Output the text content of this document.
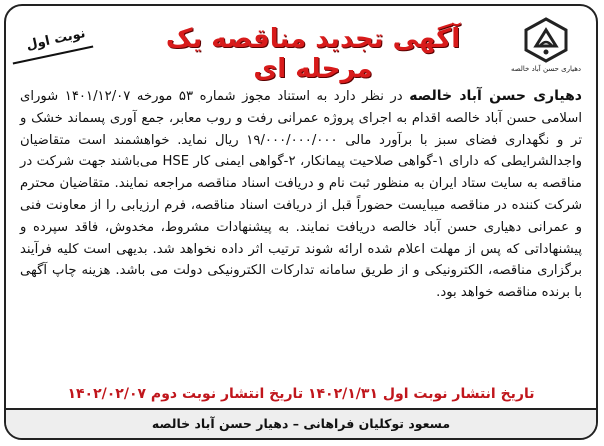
دهیاری حسن آباد خالصه
آگهی تجدید مناقصه یک مرحله ای
نوبت اول
دهیاری حسن آباد خالصه در نظر دارد به استناد مجوز شماره ۵۳ مورخه ۱۴۰۱/۱۲/۰۷ شورای اسلامی حسن آباد خالصه اقدام به اجرای پروژه عمرانی رفت و روب معابر، جمع آوری پسماند خشک و تر و نگهداری فضای سبز با برآورد مالی ۱۹/۰۰۰/۰۰۰/۰۰۰ ریال نماید. خواهشمند است متقاضیان واجدالشرایطی که دارای ۱-گواهی صلاحیت پیمانکار، ۲-گواهی ایمنی کار HSE می‌باشند جهت شرکت در مناقصه به سایت ستاد ایران به منظور ثبت نام و دریافت اسناد مناقصه مراجعه نمایند. متقاضیان محترم شرکت کننده در مناقصه میبایست حضوراً قبل از دریافت اسناد مناقصه، فرم ارزیابی را از معاونت فنی و عمرانی دهیاری حسن آباد خالصه دریافت نمایند. به پیشنهادات مشروط، مخدوش، فاقد سپرده و پیشنهاداتی که پس از مهلت اعلام شده ارائه شوند ترتیب اثر داده نخواهد شد. بدیهی است کلیه فرآیند برگزاری مناقصه، الکترونیکی و از طریق سامانه تدارکات الکترونیکی دولت می باشد. هزینه چاپ آگهی با برنده مناقصه خواهد بود.
تاریخ انتشار نوبت اول ۱۴۰۲/۱/۳۱ تاریخ انتشار نوبت دوم ۱۴۰۲/۰۲/۰۷
مسعود توکلیان فراهانی – دهیار حسن آباد خالصه
